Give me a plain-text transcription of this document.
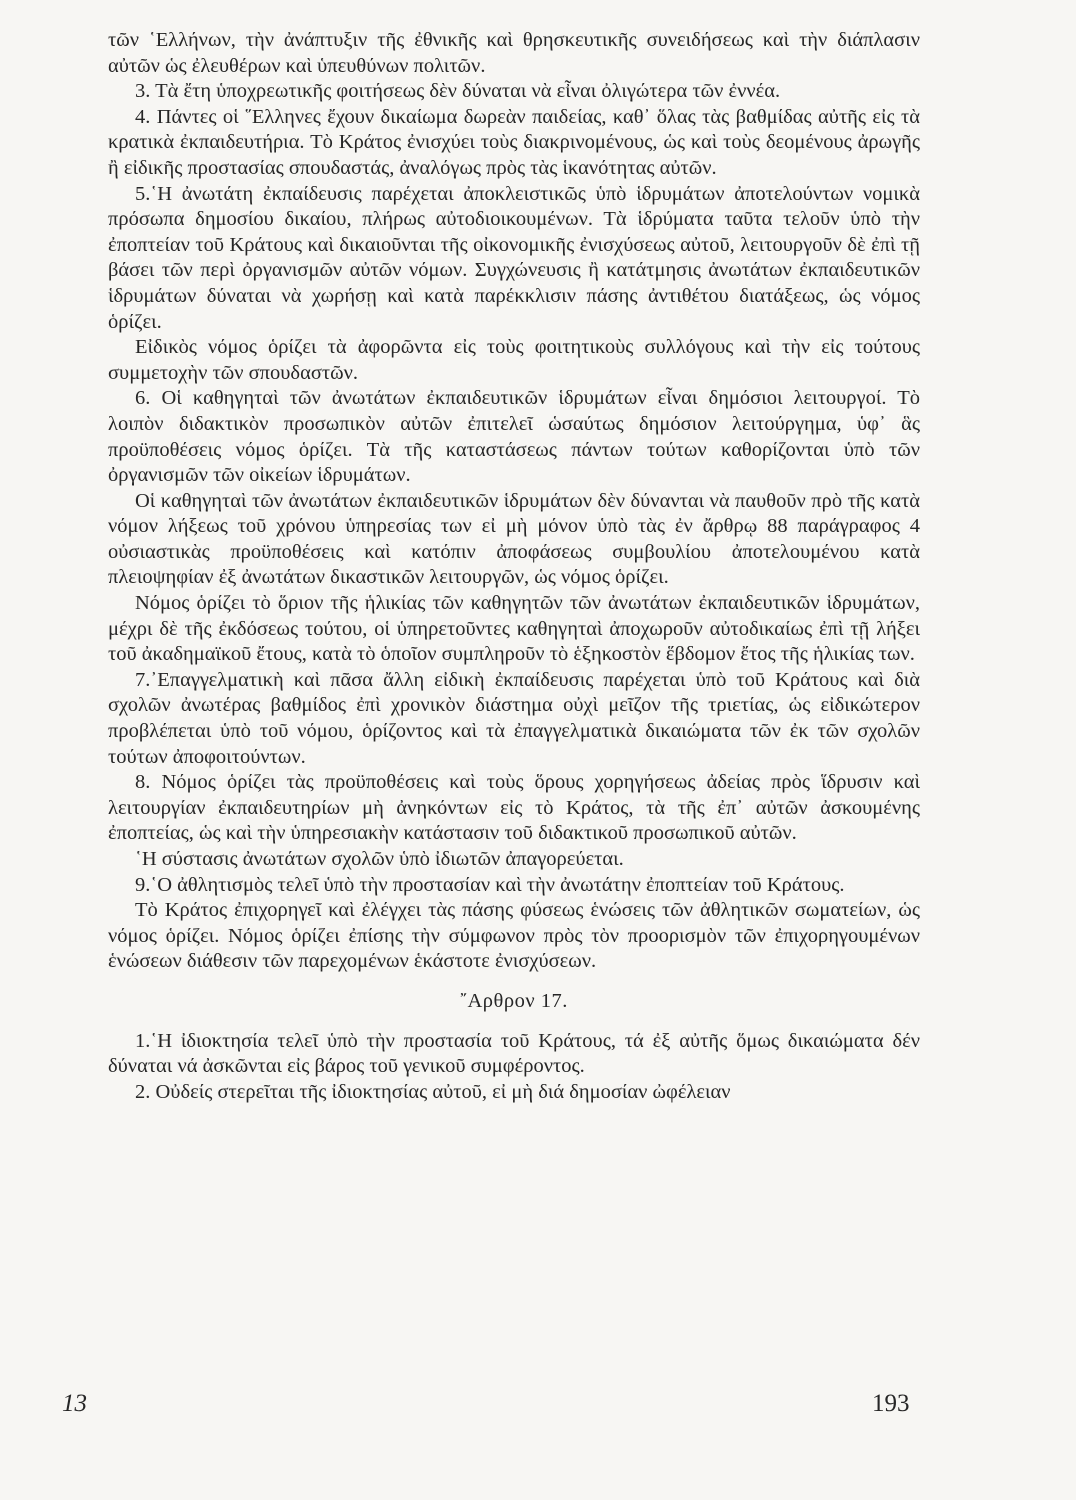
τῶν ῾Ελλήνων, τὴν ἀνάπτυξιν τῆς ἐθνικῆς καὶ θρησκευτικῆς συνειδήσεως καὶ τὴν διάπλασιν αὐτῶν ὡς ἐλευθέρων καὶ ὑπευθύνων πολιτῶν.

3. Τὰ ἔτη ὑποχρεωτικῆς φοιτήσεως δὲν δύναται νὰ εἶναι ὀλιγώτερα τῶν ἐννέα.

4. Πάντες οἱ ῞Ελληνες ἔχουν δικαίωμα δωρεὰν παιδείας, καθ᾽ ὅλας τὰς βαθμίδας αὐτῆς εἰς τὰ κρατικὰ ἐκπαιδευτήρια. Τὸ Κράτος ἐνισχύει τοὺς διακρινομένους, ὡς καὶ τοὺς δεομένους ἀρωγῆς ἢ εἰδικῆς προστασίας σπουδαστάς, ἀναλόγως πρὸς τὰς ἱκανότητας αὐτῶν.

5.῾Η ἀνωτάτη ἐκπαίδευσις παρέχεται ἀποκλειστικῶς ὑπὸ ἱδρυμάτων ἀποτελούντων νομικὰ πρόσωπα δημοσίου δικαίου, πλήρως αὐτοδιοικουμένων. Τὰ ἱδρύματα ταῦτα τελοῦν ὑπὸ τὴν ἐποπτείαν τοῦ Κράτους καὶ δικαιοῦνται τῆς οἰκονομικῆς ἐνισχύσεως αὐτοῦ, λειτουργοῦν δὲ ἐπὶ τῇ βάσει τῶν περὶ ὀργανισμῶν αὐτῶν νόμων. Συγχώνευσις ἢ κατάτμησις ἀνωτάτων ἐκπαιδευτικῶν ἱδρυμάτων δύναται νὰ χωρήσῃ καὶ κατὰ παρέκκλισιν πάσης ἀντιθέτου διατάξεως, ὡς νόμος ὁρίζει.

Εἰδικὸς νόμος ὁρίζει τὰ ἀφορῶντα εἰς τοὺς φοιτητικοὺς συλλόγους καὶ τὴν εἰς τούτους συμμετοχὴν τῶν σπουδαστῶν.

6. Οἱ καθηγηταὶ τῶν ἀνωτάτων ἐκπαιδευτικῶν ἱδρυμάτων εἶναι δημόσιοι λειτουργοί. Τὸ λοιπὸν διδακτικὸν προσωπικὸν αὐτῶν ἐπιτελεῖ ὡσαύτως δημόσιον λειτούργημα, ὑφ᾽ ἃς προϋποθέσεις νόμος ὁρίζει. Τὰ τῆς καταστάσεως πάντων τούτων καθορίζονται ὑπὸ τῶν ὀργανισμῶν τῶν οἰκείων ἱδρυμάτων.

Οἱ καθηγηταὶ τῶν ἀνωτάτων ἐκπαιδευτικῶν ἱδρυμάτων δὲν δύνανται νὰ παυθοῦν πρὸ τῆς κατὰ νόμον λήξεως τοῦ χρόνου ὑπηρεσίας των εἰ μὴ μόνον ὑπὸ τὰς ἐν ἄρθρῳ 88 παράγραφος 4 οὐσιαστικὰς προϋποθέσεις καὶ κατόπιν ἀποφάσεως συμβουλίου ἀποτελουμένου κατὰ πλειοψηφίαν ἐξ ἀνωτάτων δικαστικῶν λειτουργῶν, ὡς νόμος ὁρίζει.

Νόμος ὁρίζει τὸ ὅριον τῆς ἡλικίας τῶν καθηγητῶν τῶν ἀνωτάτων ἐκπαιδευτικῶν ἱδρυμάτων, μέχρι δὲ τῆς ἐκδόσεως τούτου, οἱ ὑπηρετοῦντες καθηγηταὶ ἀποχωροῦν αὐτοδικαίως ἐπὶ τῇ λήξει τοῦ ἀκαδημαϊκοῦ ἔτους, κατὰ τὸ ὁποῖον συμπληροῦν τὸ ἑξηκοστὸν ἕβδομον ἔτος τῆς ἡλικίας των.

7.᾽Επαγγελματικὴ καὶ πᾶσα ἄλλη εἰδικὴ ἐκπαίδευσις παρέχεται ὑπὸ τοῦ Κράτους καὶ διὰ σχολῶν ἀνωτέρας βαθμίδος ἐπὶ χρονικὸν διάστημα οὐχὶ μεῖζον τῆς τριετίας, ὡς εἰδικώτερον προβλέπεται ὑπὸ τοῦ νόμου, ὁρίζοντος καὶ τὰ ἐπαγγελματικὰ δικαιώματα τῶν ἐκ τῶν σχολῶν τούτων ἀποφοιτούντων.

8. Νόμος ὁρίζει τὰς προϋποθέσεις καὶ τοὺς ὅρους χορηγήσεως ἀδείας πρὸς ἵδρυσιν καὶ λειτουργίαν ἐκπαιδευτηρίων μὴ ἀνηκόντων εἰς τὸ Κράτος, τὰ τῆς ἐπ᾽ αὐτῶν ἀσκουμένης ἐποπτείας, ὡς καὶ τὴν ὑπηρεσιακὴν κατάστασιν τοῦ διδακτικοῦ προσωπικοῦ αὐτῶν.

῾Η σύστασις ἀνωτάτων σχολῶν ὑπὸ ἰδιωτῶν ἀπαγορεύεται.

9.῾Ο ἀθλητισμὸς τελεῖ ὑπὸ τὴν προστασίαν καὶ τὴν ἀνωτάτην ἐποπτείαν τοῦ Κράτους.

Τὸ Κράτος ἐπιχορηγεῖ καὶ ἐλέγχει τὰς πάσης φύσεως ἑνώσεις τῶν ἀθλητικῶν σωματείων, ὡς νόμος ὁρίζει. Νόμος ὁρίζει ἐπίσης τὴν σύμφωνον πρὸς τὸν προορισμὸν τῶν ἐπιχορηγουμένων ἑνώσεων διάθεσιν τῶν παρεχομένων ἑκάστοτε ἐνισχύσεων.

῎Αρθρον 17.

1.῾Η ἰδιοκτησία τελεῖ ὑπὸ τὴν προστασία τοῦ Κράτους, τά ἐξ αὐτῆς ὅμως δικαιώματα δέν δύναται νά ἀσκῶνται εἰς βάρος τοῦ γενικοῦ συμφέροντος.

2. Οὐδείς στερεῖται τῆς ἰδιοκτησίας αὐτοῦ, εἰ μὴ διά δημοσίαν ὠφέλειαν

13	193
